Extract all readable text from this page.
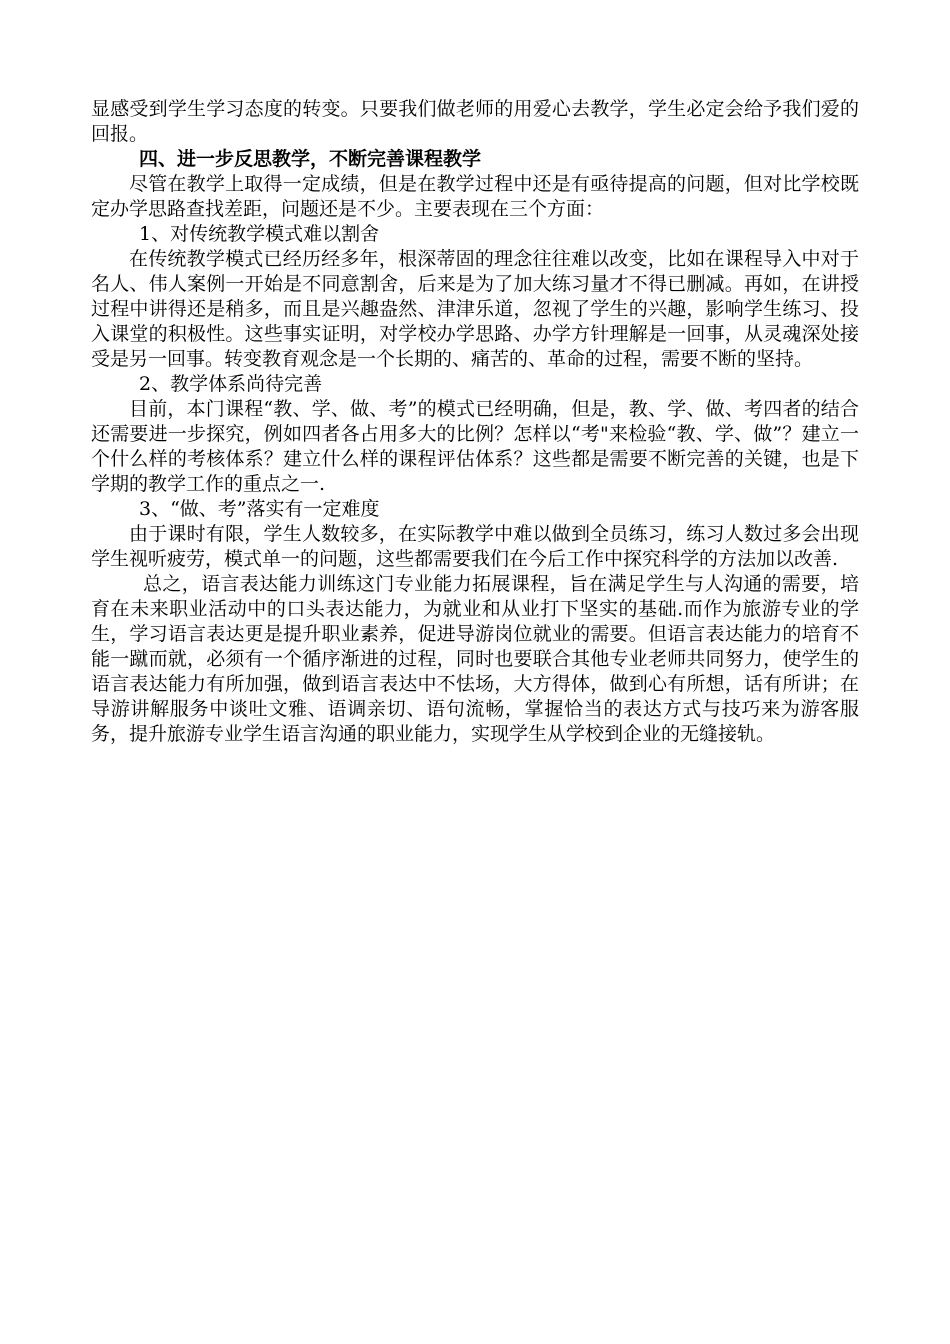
显感受到学生学习态度的转变。只要我们做老师的用爱心去教学，学生必定会给予我们爱的回报。

四、进一步反思教学，不断完善课程教学

尽管在教学上取得一定成绩，但是在教学过程中还是有亟待提高的问题，但对比学校既定办学思路查找差距，问题还是不少。主要表现在三个方面：

1、对传统教学模式难以割舍

在传统教学模式已经历经多年，根深蒂固的理念往往难以改变，比如在课程导入中对于名人、伟人案例一开始是不同意割舍，后来是为了加大练习量才不得已删减。再如，在讲授过程中讲得还是稍多，而且是兴趣盎然、津津乐道，忽视了学生的兴趣，影响学生练习、投入课堂的积极性。这些事实证明，对学校办学思路、办学方针理解是一回事，从灵魂深处接受是另一回事。转变教育观念是一个长期的、痛苦的、革命的过程，需要不断的坚持。

2、教学体系尚待完善

目前，本门课程“教、学、做、考”的模式已经明确，但是，教、学、做、考四者的结合还需要进一步探究，例如四者各占用多大的比例？怎样以“考"来检验“教、学、做”？建立一个什么样的考核体系？建立什么样的课程评估体系？这些都是需要不断完善的关键，也是下学期的教学工作的重点之一.

3、“做、考”落实有一定难度

由于课时有限，学生人数较多，在实际教学中难以做到全员练习，练习人数过多会出现学生视听疲劳，模式单一的问题，这些都需要我们在今后工作中探究科学的方法加以改善.

总之，语言表达能力训练这门专业能力拓展课程，旨在满足学生与人沟通的需要，培育在未来职业活动中的口头表达能力，为就业和从业打下坚实的基础.而作为旅游专业的学生，学习语言表达更是提升职业素养，促进导游岗位就业的需要。但语言表达能力的培育不能一蹴而就，必须有一个循序渐进的过程，同时也要联合其他专业老师共同努力，使学生的语言表达能力有所加强，做到语言表达中不怯场，大方得体，做到心有所想，话有所讲；在导游讲解服务中谈吐文雅、语调亲切、语句流畅，掌握恰当的表达方式与技巧来为游客服务，提升旅游专业学生语言沟通的职业能力，实现学生从学校到企业的无缝接轨。
